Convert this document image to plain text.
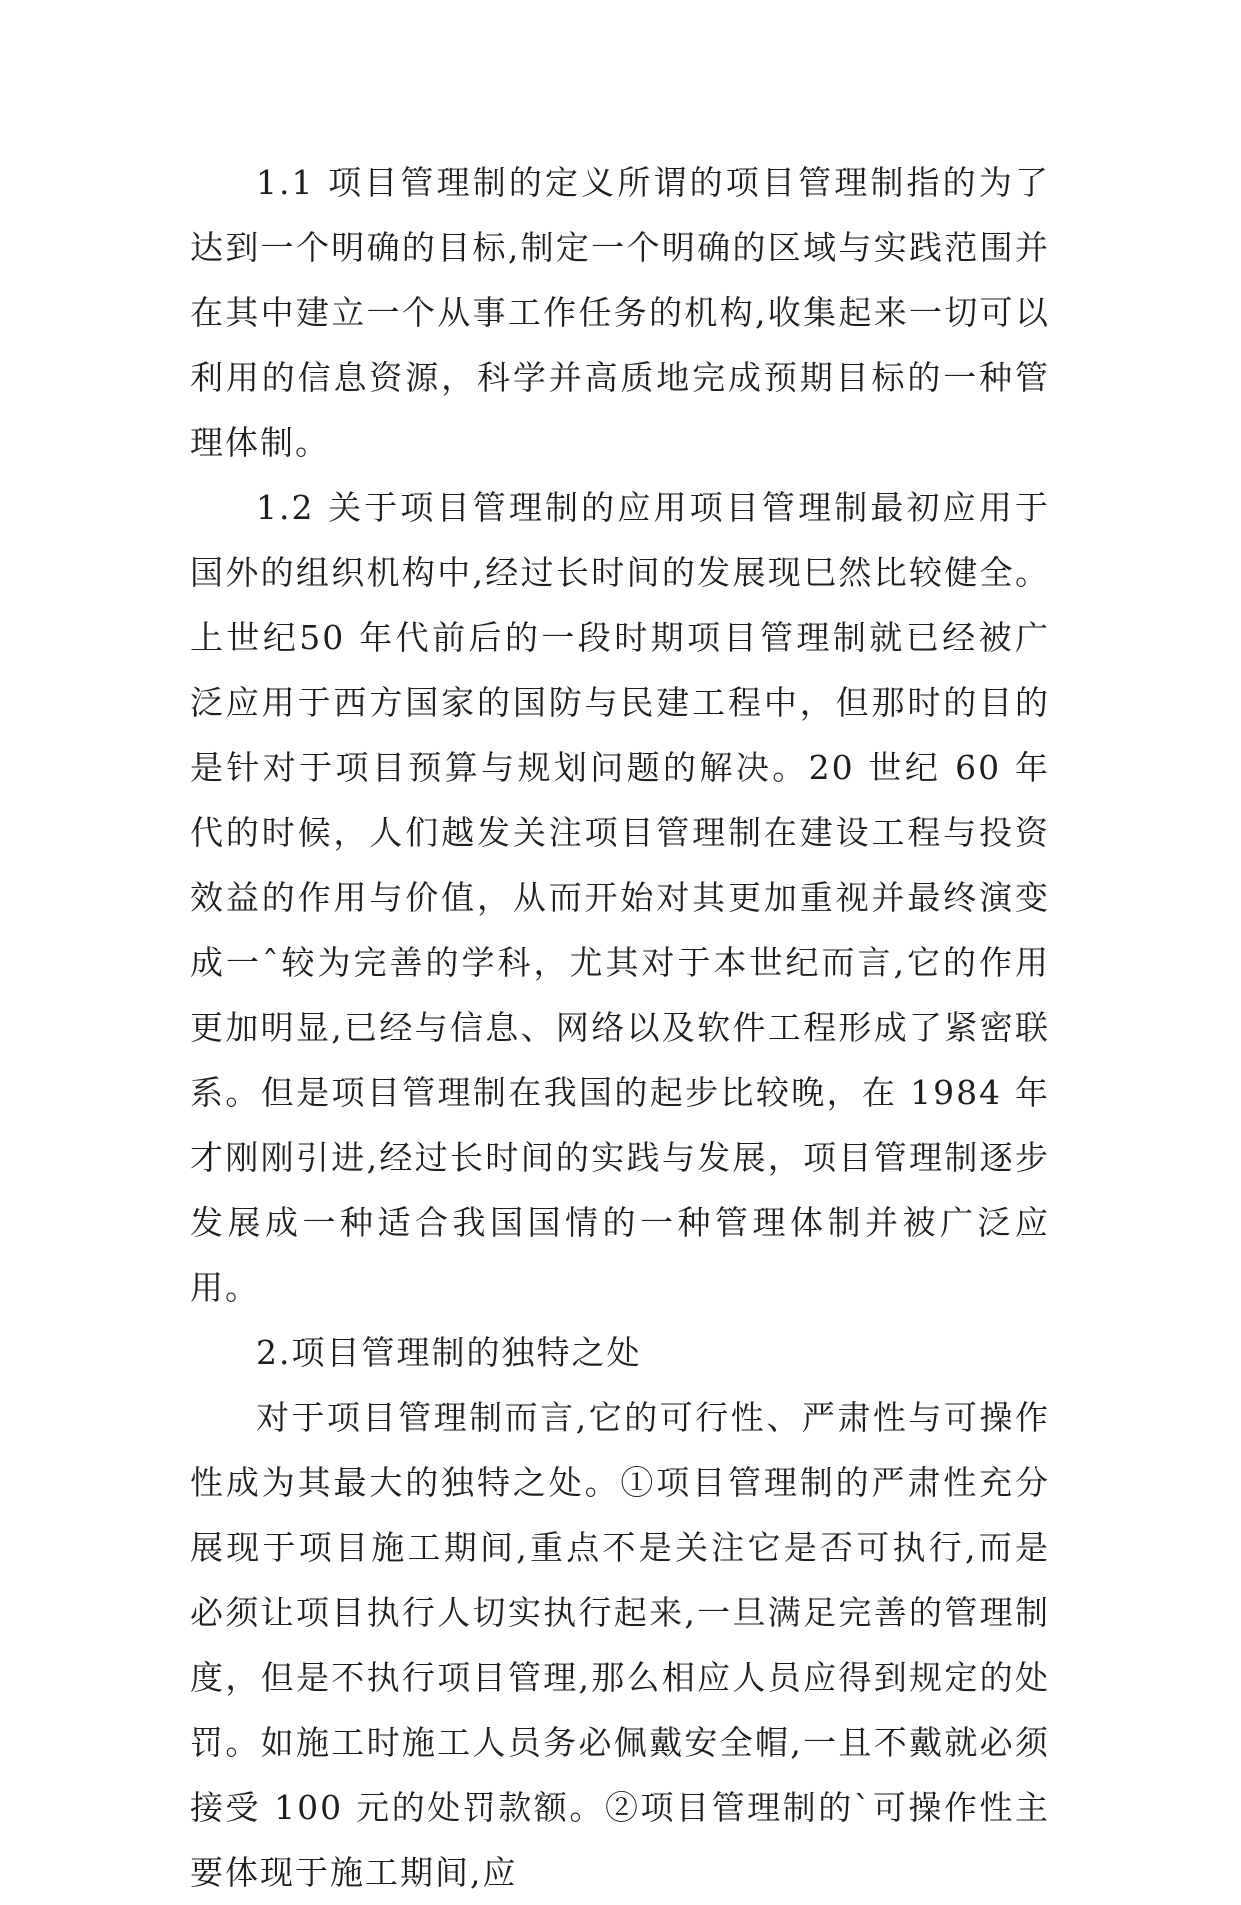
1.1 项目管理制的定义所谓的项目管理制指的为了达到一个明确的目标,制定一个明确的区域与实践范围并在其中建立一个从事工作任务的机构,收集起来一切可以利用的信息资源，科学并高质地完成预期目标的一种管理体制。

1.2 关于项目管理制的应用项目管理制最初应用于国外的组织机构中,经过长时间的发展现巳然比较健全。上世纪50 年代前后的一段时期项目管理制就已经被广泛应用于西方国家的国防与民建工程中，但那时的目的是针对于项目预算与规划问题的解决。20 世纪 60 年代的时候，人们越发关注项目管理制在建设工程与投资效益的作用与价值，从而开始对其更加重视并最终演变成一ˆ较为完善的学科，尤其对于本世纪而言,它的作用更加明显,已经与信息、网络以及软件工程形成了紧密联系。但是项目管理制在我国的起步比较晚，在 1984 年才刚刚引进,经过长时间的实践与发展，项目管理制逐步发展成一种适合我国国情的一种管理体制并被广泛应用。

2.项目管理制的独特之处

对于项目管理制而言,它的可行性、严肃性与可操作性成为其最大的独特之处。①项目管理制的严肃性充分展现于项目施工期间,重点不是关注它是否可执行,而是必须让项目执行人切实执行起来,一旦满足完善的管理制度，但是不执行项目管理,那么相应人员应得到规定的处罚。如施工时施工人员务必佩戴安全帽,一且不戴就必须接受 100 元的处罚款额。②项目管理制的`可操作性主要体现于施工期间,应
